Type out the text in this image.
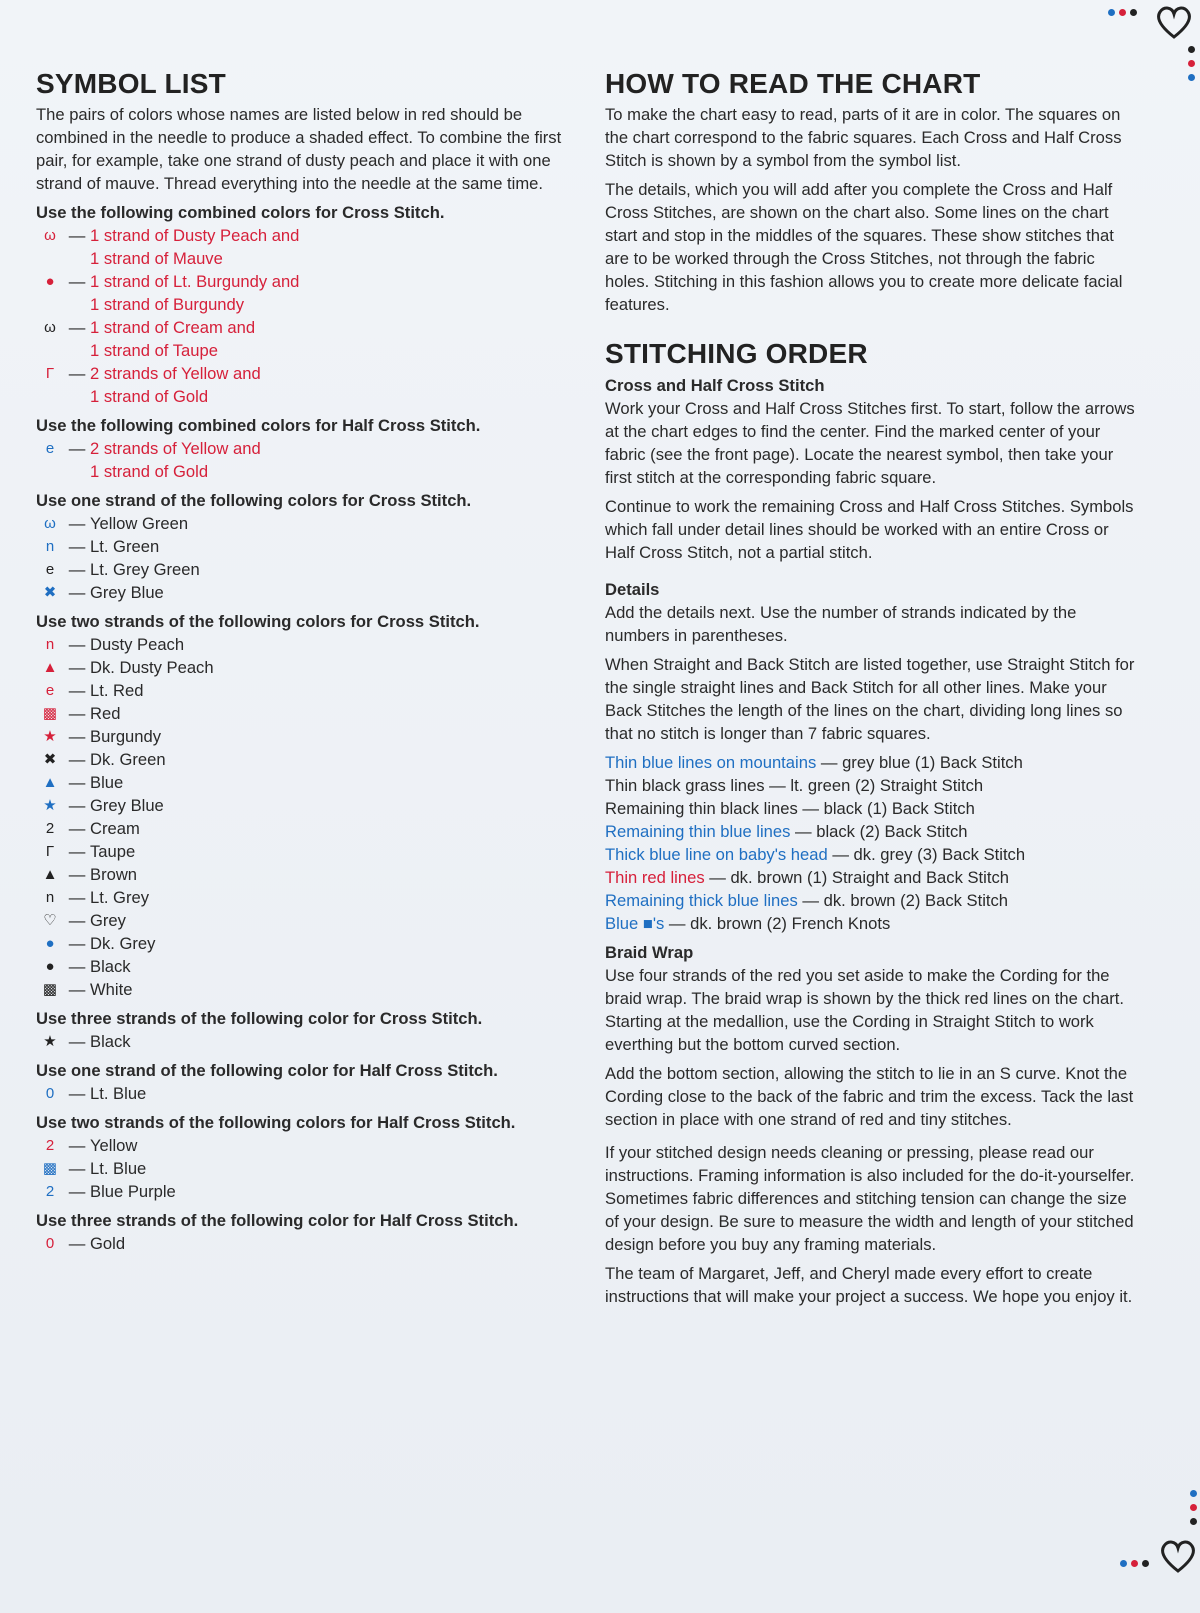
SYMBOL LIST

The pairs of colors whose names are listed below in red should be combined in the needle to produce a shaded effect. To combine the first pair, for example, take one strand of dusty peach and place it with one strand of mauve. Thread everything into the needle at the same time.

Use the following combined colors for Cross Stitch.
ω — 1 strand of Dusty Peach and
1 strand of Mauve
● — 1 strand of Lt. Burgundy and
1 strand of Burgundy
ω — 1 strand of Cream and
1 strand of Taupe
Γ — 2 strands of Yellow and
1 strand of Gold
Use the following combined colors for Half Cross Stitch.
e — 2 strands of Yellow and
1 strand of Gold
Use one strand of the following colors for Cross Stitch.
ω — Yellow Green
n — Lt. Green
e — Lt. Grey Green
✖ — Grey Blue
Use two strands of the following colors for Cross Stitch.
n — Dusty Peach
▲ — Dk. Dusty Peach
e — Lt. Red
▩ — Red
★ — Burgundy
✖ — Dk. Green
▲ — Blue
★ — Grey Blue
2 — Cream
Γ — Taupe
▲ — Brown
n — Lt. Grey
♡ — Grey
● — Dk. Grey
● — Black
▩ — White
Use three strands of the following color for Cross Stitch.
★ — Black
Use one strand of the following color for Half Cross Stitch.
0 — Lt. Blue
Use two strands of the following colors for Half Cross Stitch.
2 — Yellow
▩ — Lt. Blue
2 — Blue Purple
Use three strands of the following color for Half Cross Stitch.
0 — Gold
HOW TO READ THE CHART

To make the chart easy to read, parts of it are in color. The squares on the chart correspond to the fabric squares. Each Cross and Half Cross Stitch is shown by a symbol from the symbol list.

The details, which you will add after you complete the Cross and Half Cross Stitches, are shown on the chart also. Some lines on the chart start and stop in the middles of the squares. These show stitches that are to be worked through the Cross Stitches, not through the fabric holes. Stitching in this fashion allows you to create more delicate facial features.

STITCHING ORDER
Cross and Half Cross Stitch

Work your Cross and Half Cross Stitches first. To start, follow the arrows at the chart edges to find the center. Find the marked center of your fabric (see the front page). Locate the nearest symbol, then take your first stitch at the corresponding fabric square.

Continue to work the remaining Cross and Half Cross Stitches. Symbols which fall under detail lines should be worked with an entire Cross or Half Cross Stitch, not a partial stitch.

Details

Add the details next. Use the number of strands indicated by the numbers in parentheses.

When Straight and Back Stitch are listed together, use Straight Stitch for the single straight lines and Back Stitch for all other lines. Make your Back Stitches the length of the lines on the chart, dividing long lines so that no stitch is longer than 7 fabric squares.

Thin blue lines on mountains — grey blue (1) Back Stitch
Thin black grass lines — lt. green (2) Straight Stitch
Remaining thin black lines — black (1) Back Stitch
Remaining thin blue lines — black (2) Back Stitch
Thick blue line on baby's head — dk. grey (3) Back Stitch
Thin red lines — dk. brown (1) Straight and Back Stitch
Remaining thick blue lines — dk. brown (2) Back Stitch
Blue ■'s — dk. brown (2) French Knots
Braid Wrap

Use four strands of the red you set aside to make the Cording for the braid wrap. The braid wrap is shown by the thick red lines on the chart. Starting at the medallion, use the Cording in Straight Stitch to work everthing but the bottom curved section.

Add the bottom section, allowing the stitch to lie in an S curve. Knot the Cording close to the back of the fabric and trim the excess. Tack the last section in place with one strand of red and tiny stitches.

If your stitched design needs cleaning or pressing, please read our instructions. Framing information is also included for the do-it-yourselfer. Sometimes fabric differences and stitching tension can change the size of your design. Be sure to measure the width and length of your stitched design before you buy any framing materials.

The team of Margaret, Jeff, and Cheryl made every effort to create instructions that will make your project a success. We hope you enjoy it.
